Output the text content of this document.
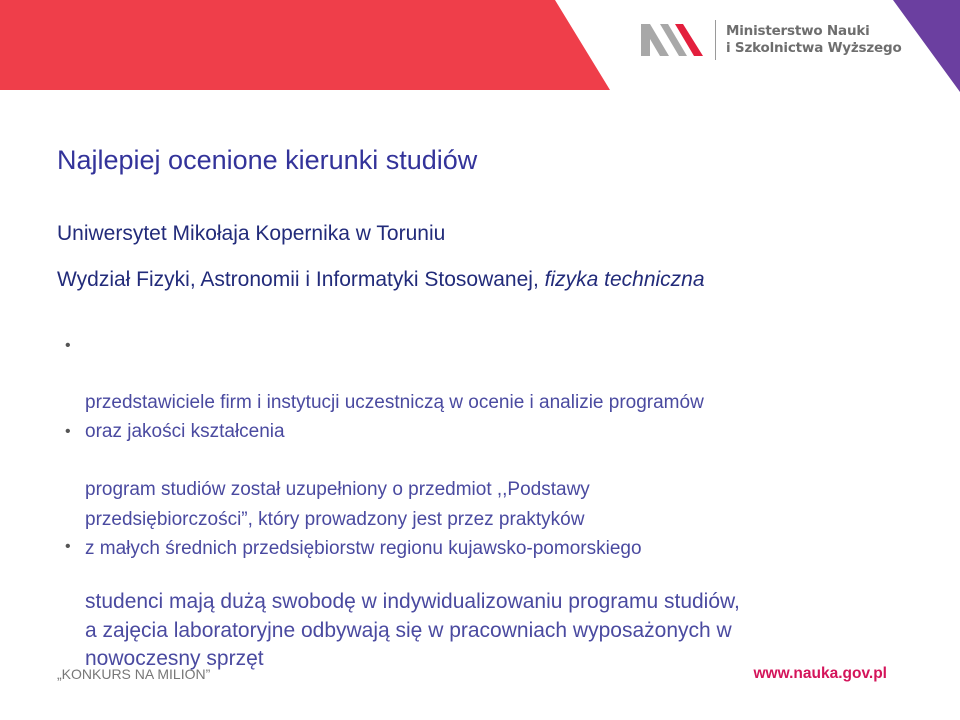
Ministerstwo Nauki
i Szkolnictwa Wyższego
Najlepiej ocenione kierunki studiów

Uniwersytet Mikołaja Kopernika w Toruniu

Wydział Fizyki, Astronomii i Informatyki Stosowanej, fizyka techniczna

•

przedstawiciele firm i instytucji uczestniczą w ocenie i analizie programów
oraz jakości kształcenia

•

program studiów został uzupełniony o przedmiot ,,Podstawy
przedsiębiorczości”, który prowadzony jest przez praktyków
z małych średnich przedsiębiorstw regionu kujawsko-pomorskiego

•

studenci mają dużą swobodę w indywidualizowaniu programu studiów,
a zajęcia laboratoryjne odbywają się w pracowniach wyposażonych w
nowoczesny sprzęt

„KONKURS NA MILION”	www.nauka.gov.pl
